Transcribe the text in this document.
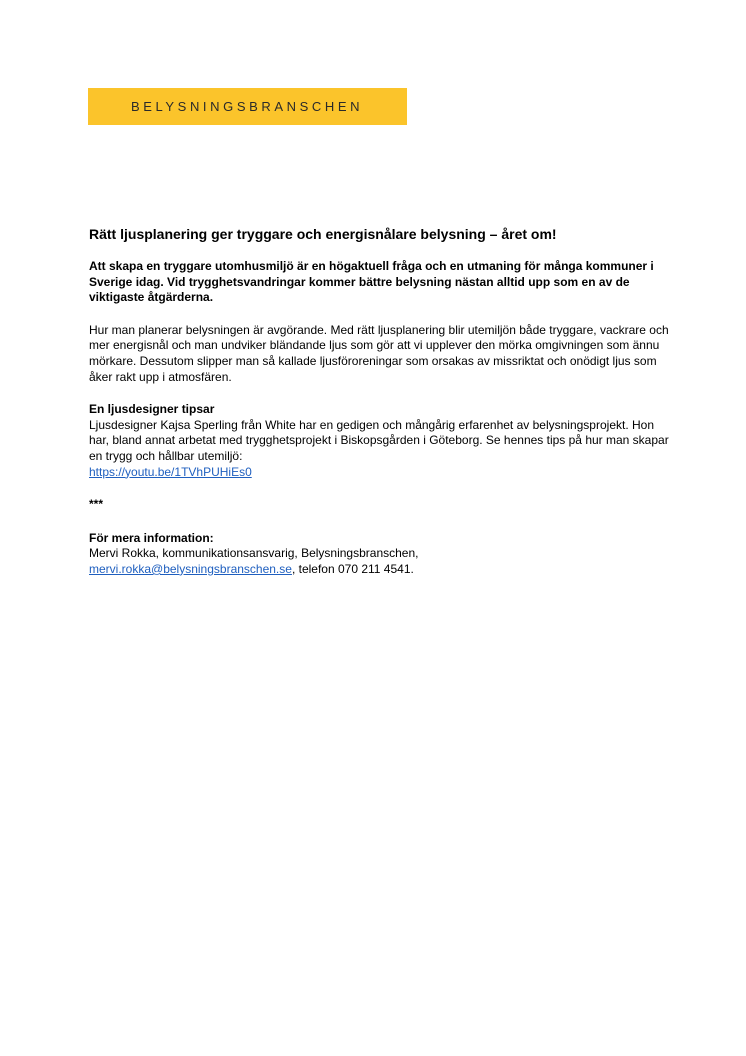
BELYSNINGSBRANSCHEN

Rätt ljusplanering ger tryggare och energisnålare belysning – året om!

Att skapa en tryggare utomhusmiljö är en högaktuell fråga och en utmaning för många kommuner i Sverige idag. Vid trygghetsvandringar kommer bättre belysning nästan alltid upp som en av de viktigaste åtgärderna.

Hur man planerar belysningen är avgörande. Med rätt ljusplanering blir utemiljön både tryggare, vackrare och mer energisnål och man undviker bländande ljus som gör att vi upplever den mörka omgivningen som ännu mörkare. Dessutom slipper man så kallade ljusföroreningar som orsakas av missriktat och onödigt ljus som åker rakt upp i atmosfären.

En ljusdesigner tipsar

Ljusdesigner Kajsa Sperling från White har en gedigen och mångårig erfarenhet av belysningsprojekt. Hon har, bland annat arbetat med trygghetsprojekt i Biskopsgården i Göteborg. Se hennes tips på hur man skapar en trygg och hållbar utemiljö:
https://youtu.be/1TVhPUHiEs0

***

För mera information:

Mervi Rokka, kommunikationsansvarig, Belysningsbranschen,
mervi.rokka@belysningsbranschen.se, telefon 070 211 4541.
